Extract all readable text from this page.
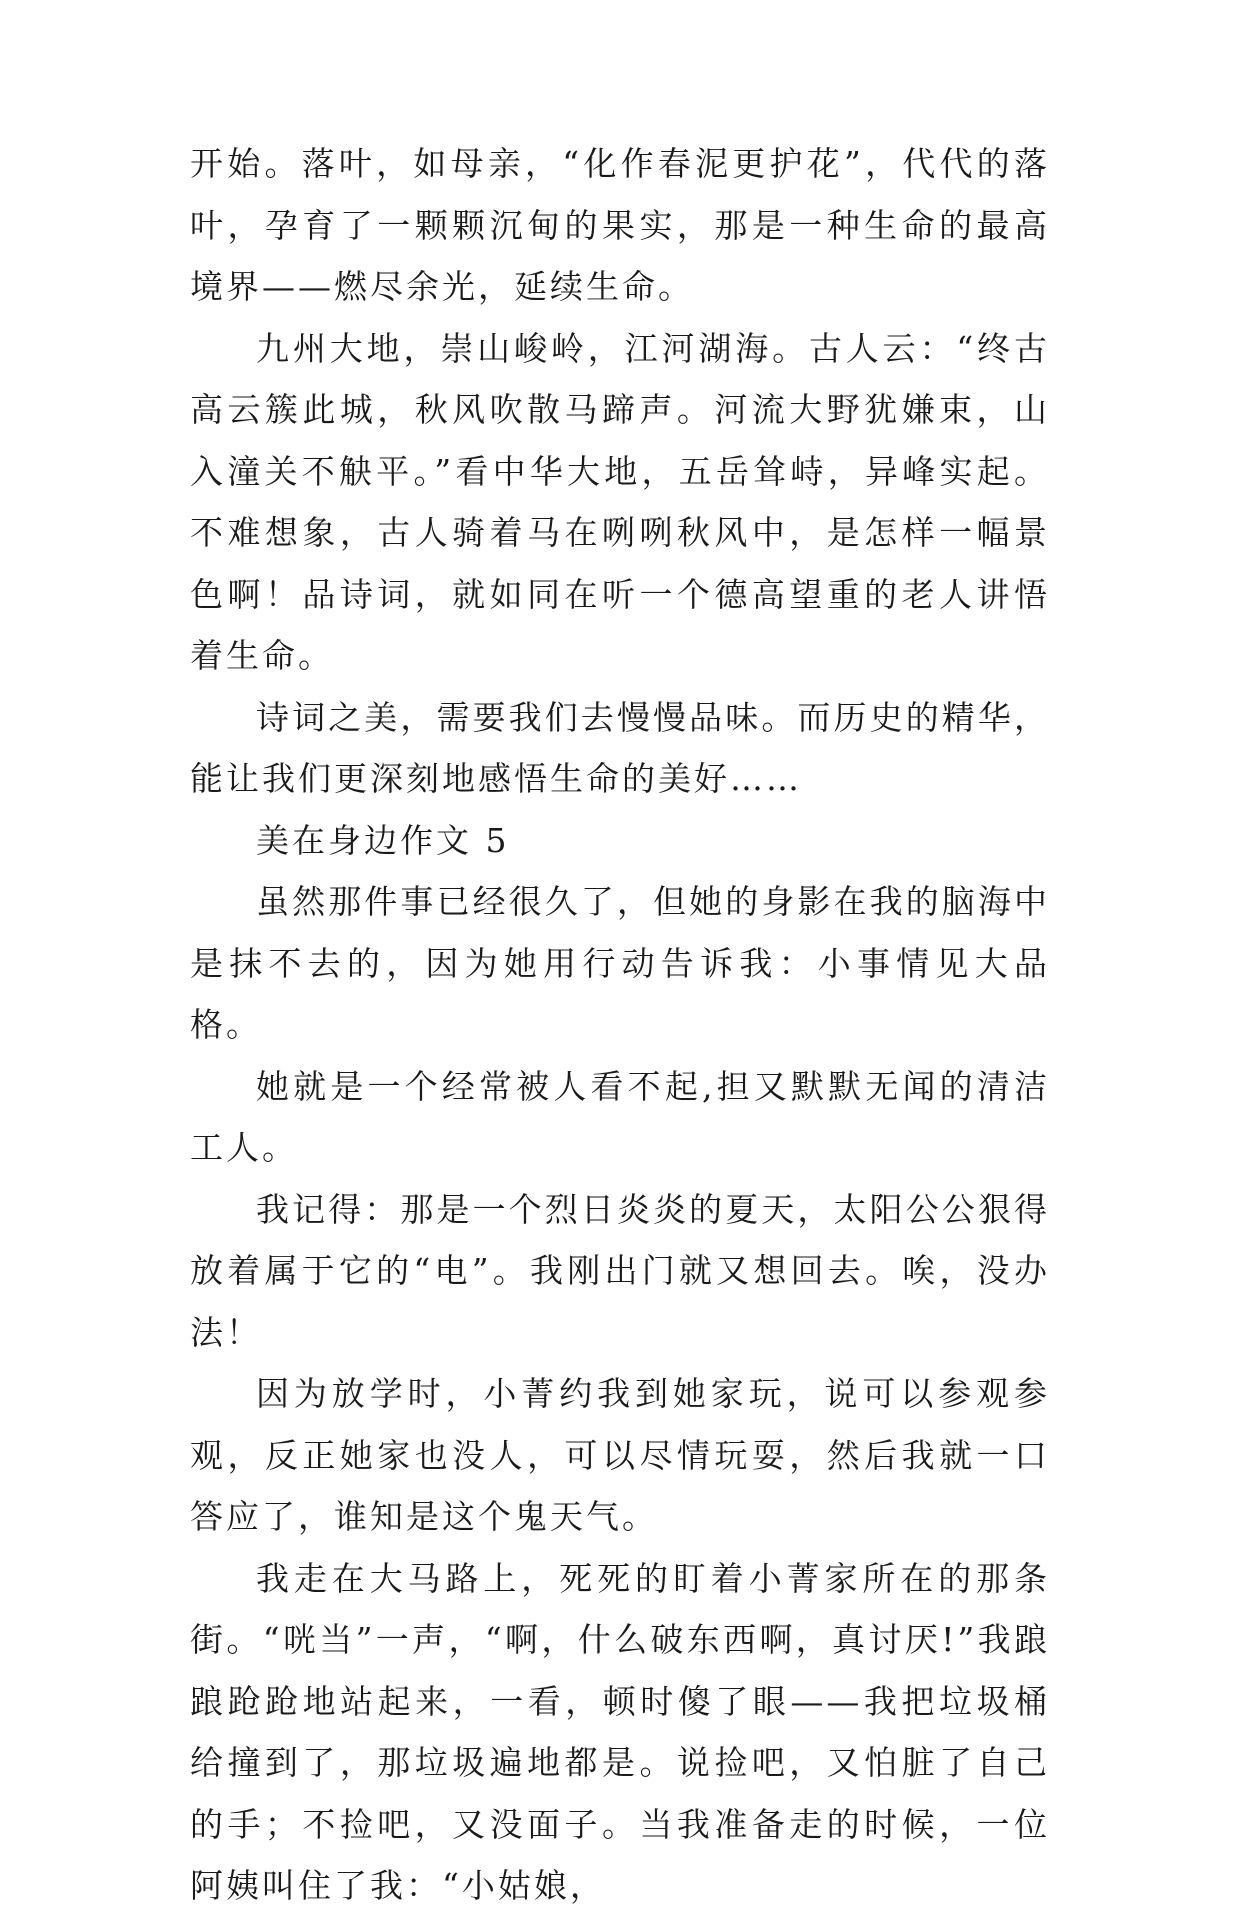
开始。落叶，如母亲，“化作春泥更护花”，代代的落叶，孕育了一颗颗沉甸的果实，那是一种生命的最高境界——燃尽余光，延续生命。

九州大地，崇山峻岭，江河湖海。古人云：“终古高云簇此城，秋风吹散马蹄声。河流大野犹嫌束，山入潼关不觖平。”看中华大地，五岳耸峙，异峰实起。不难想象，古人骑着马在咧咧秋风中，是怎样一幅景色啊！品诗词，就如同在听一个德高望重的老人讲悟着生命。

诗词之美，需要我们去慢慢品味。而历史的精华，能让我们更深刻地感悟生命的美好……

美在身边作文 5

虽然那件事已经很久了，但她的身影在我的脑海中是抹不去的，因为她用行动告诉我：小事情见大品格。

她就是一个经常被人看不起,担又默默无闻的清洁工人。

我记得：那是一个烈日炎炎的夏天，太阳公公狠得放着属于它的“电”。我刚出门就又想回去。唉，没办法！

因为放学时，小菁约我到她家玩，说可以参观参观，反正她家也没人，可以尽情玩耍，然后我就一口答应了，谁知是这个鬼天气。

我走在大马路上，死死的盯着小菁家所在的那条街。“咣当”一声，“啊，什么破东西啊，真讨厌!”我踉踉跄跄地站起来，一看，顿时傻了眼——我把垃圾桶给撞到了，那垃圾遍地都是。说捡吧，又怕脏了自己的手；不捡吧，又没面子。当我准备走的时候，一位阿姨叫住了我：“小姑娘，
